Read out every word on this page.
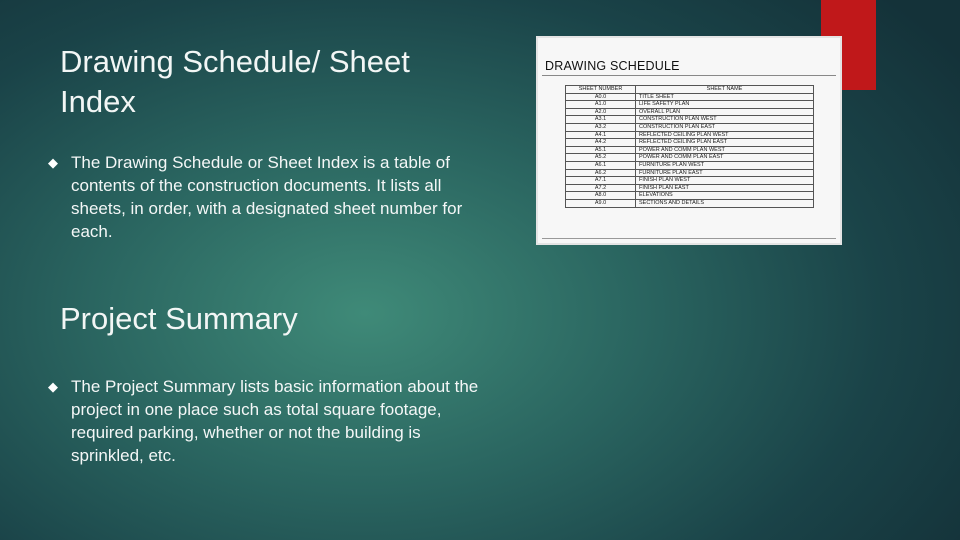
Drawing Schedule/ Sheet Index
◆ The Drawing Schedule or Sheet Index is a table of contents of the construction documents. It lists all sheets, in order, with a designated sheet number for each.

Project Summary
◆ The Project Summary lists basic information about the project in one place such as total square footage, required parking, whether or not the building is sprinkled, etc.

DRAWING SCHEDULE
SHEET NUMBER	SHEET NAME
A0.0	TITLE SHEET
A1.0	LIFE SAFETY PLAN
A2.0	OVERALL PLAN
A3.1	CONSTRUCTION PLAN WEST
A3.2	CONSTRUCTION PLAN EAST
A4.1	REFLECTED CEILING PLAN WEST
A4.2	REFLECTED CEILING PLAN EAST
A5.1	POWER AND COMM PLAN WEST
A5.2	POWER AND COMM PLAN EAST
A6.1	FURNITURE PLAN WEST
A6.2	FURNITURE PLAN EAST
A7.1	FINISH PLAN WEST
A7.2	FINISH PLAN EAST
A8.0	ELEVATIONS
A9.0	SECTIONS AND DETAILS
